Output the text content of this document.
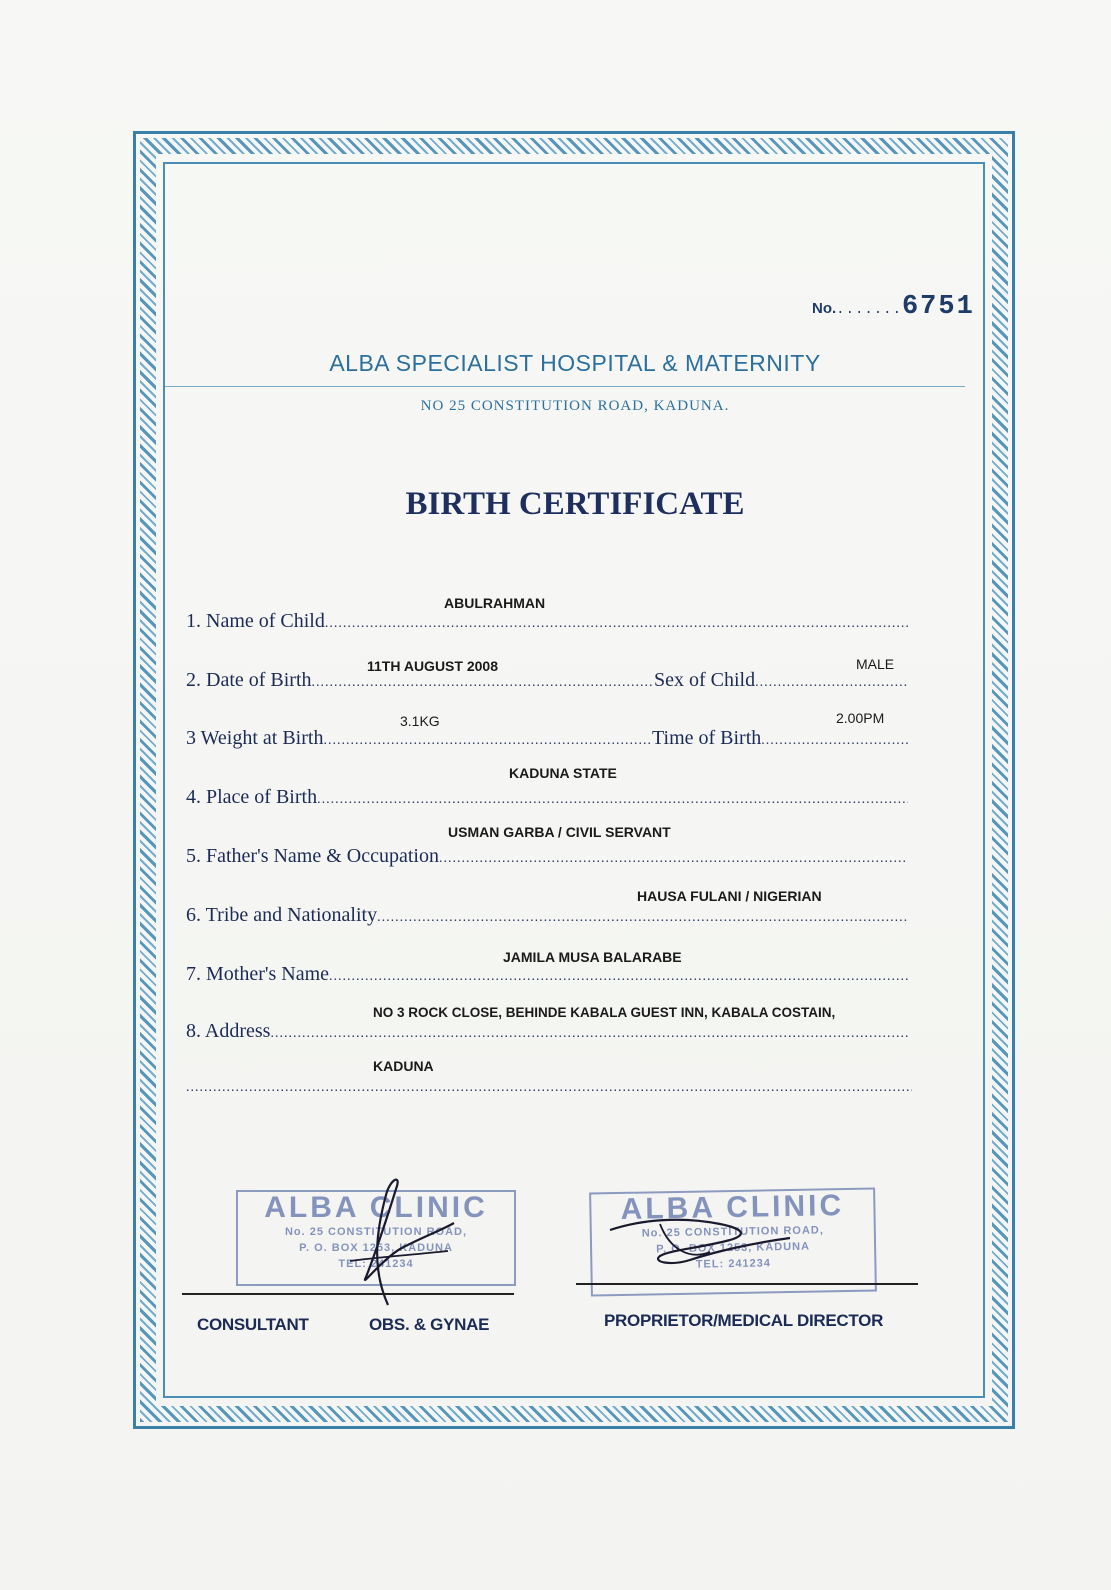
No........6751
ALBA SPECIALIST HOSPITAL & MATERNITY
NO 25 CONSTITUTION ROAD, KADUNA.
BIRTH CERTIFICATE
1. Name of Child
.....
ABULRAHMAN
2. Date of Birth
.....
11TH AUGUST 2008
Sex of Child
.....
MALE
3 Weight at Birth
.....
3.1KG
Time of Birth
.....
2.00PM
4. Place of Birth
.....
KADUNA STATE
5. Father's Name & Occupation
.....
USMAN GARBA / CIVIL SERVANT
6. Tribe and Nationality
.....
HAUSA FULANI / NIGERIAN
7. Mother's Name
.....
JAMILA MUSA BALARABE
8. Address
.....
NO 3 ROCK CLOSE, BEHINDE KABALA GUEST INN, KABALA COSTAIN,
.....
KADUNA
ALBA CLINIC
No. 25 CONSTITUTION ROAD,
P. O. BOX 1253, KADUNA
TEL: 241234
ALBA CLINIC
No. 25 CONSTITUTION ROAD,
P. O. BOX 1253, KADUNA
TEL: 241234
CONSULTANT	OBS. & GYNAE	PROPRIETOR/MEDICAL DIRECTOR
